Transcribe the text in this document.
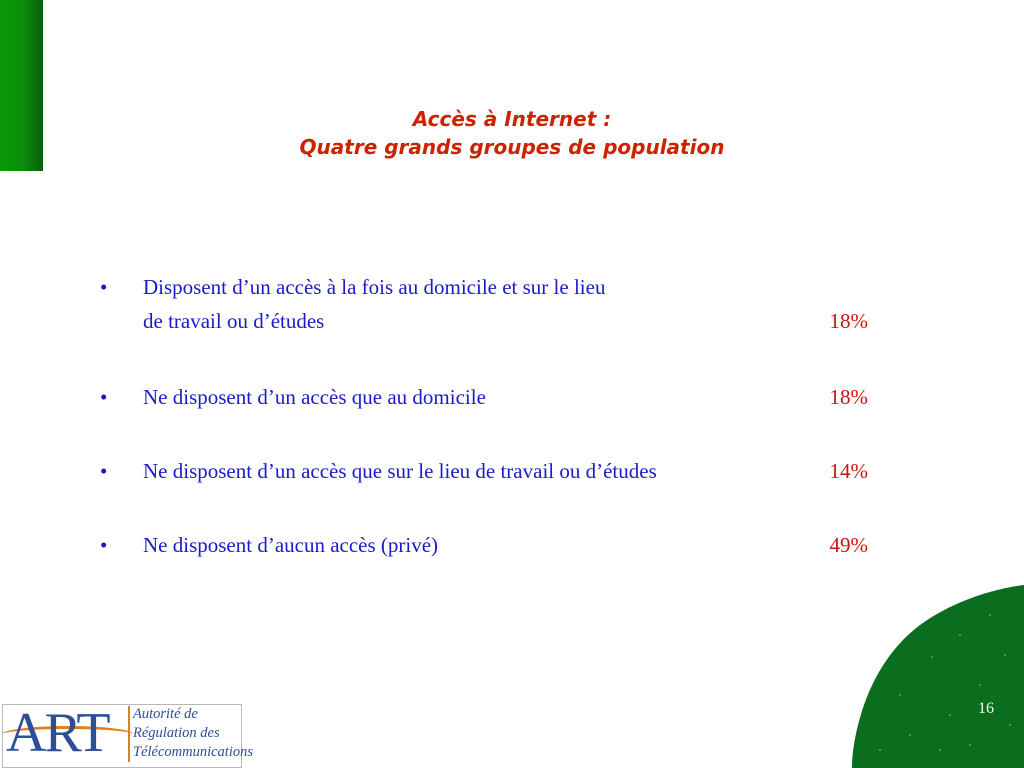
Accès à Internet :
Quatre grands groupes de population
•	Disposent d’un accès à la fois au domicile et sur le lieu
de travail ou d’études	18%
•	Ne disposent d’un accès que au domicile	18%
•	Ne disposent d’un accès que sur le lieu de travail ou d’études	14%
•	Ne disposent d’aucun accès (privé)	49%
16
ART Autorité de
Régulation des
Télécommunications
